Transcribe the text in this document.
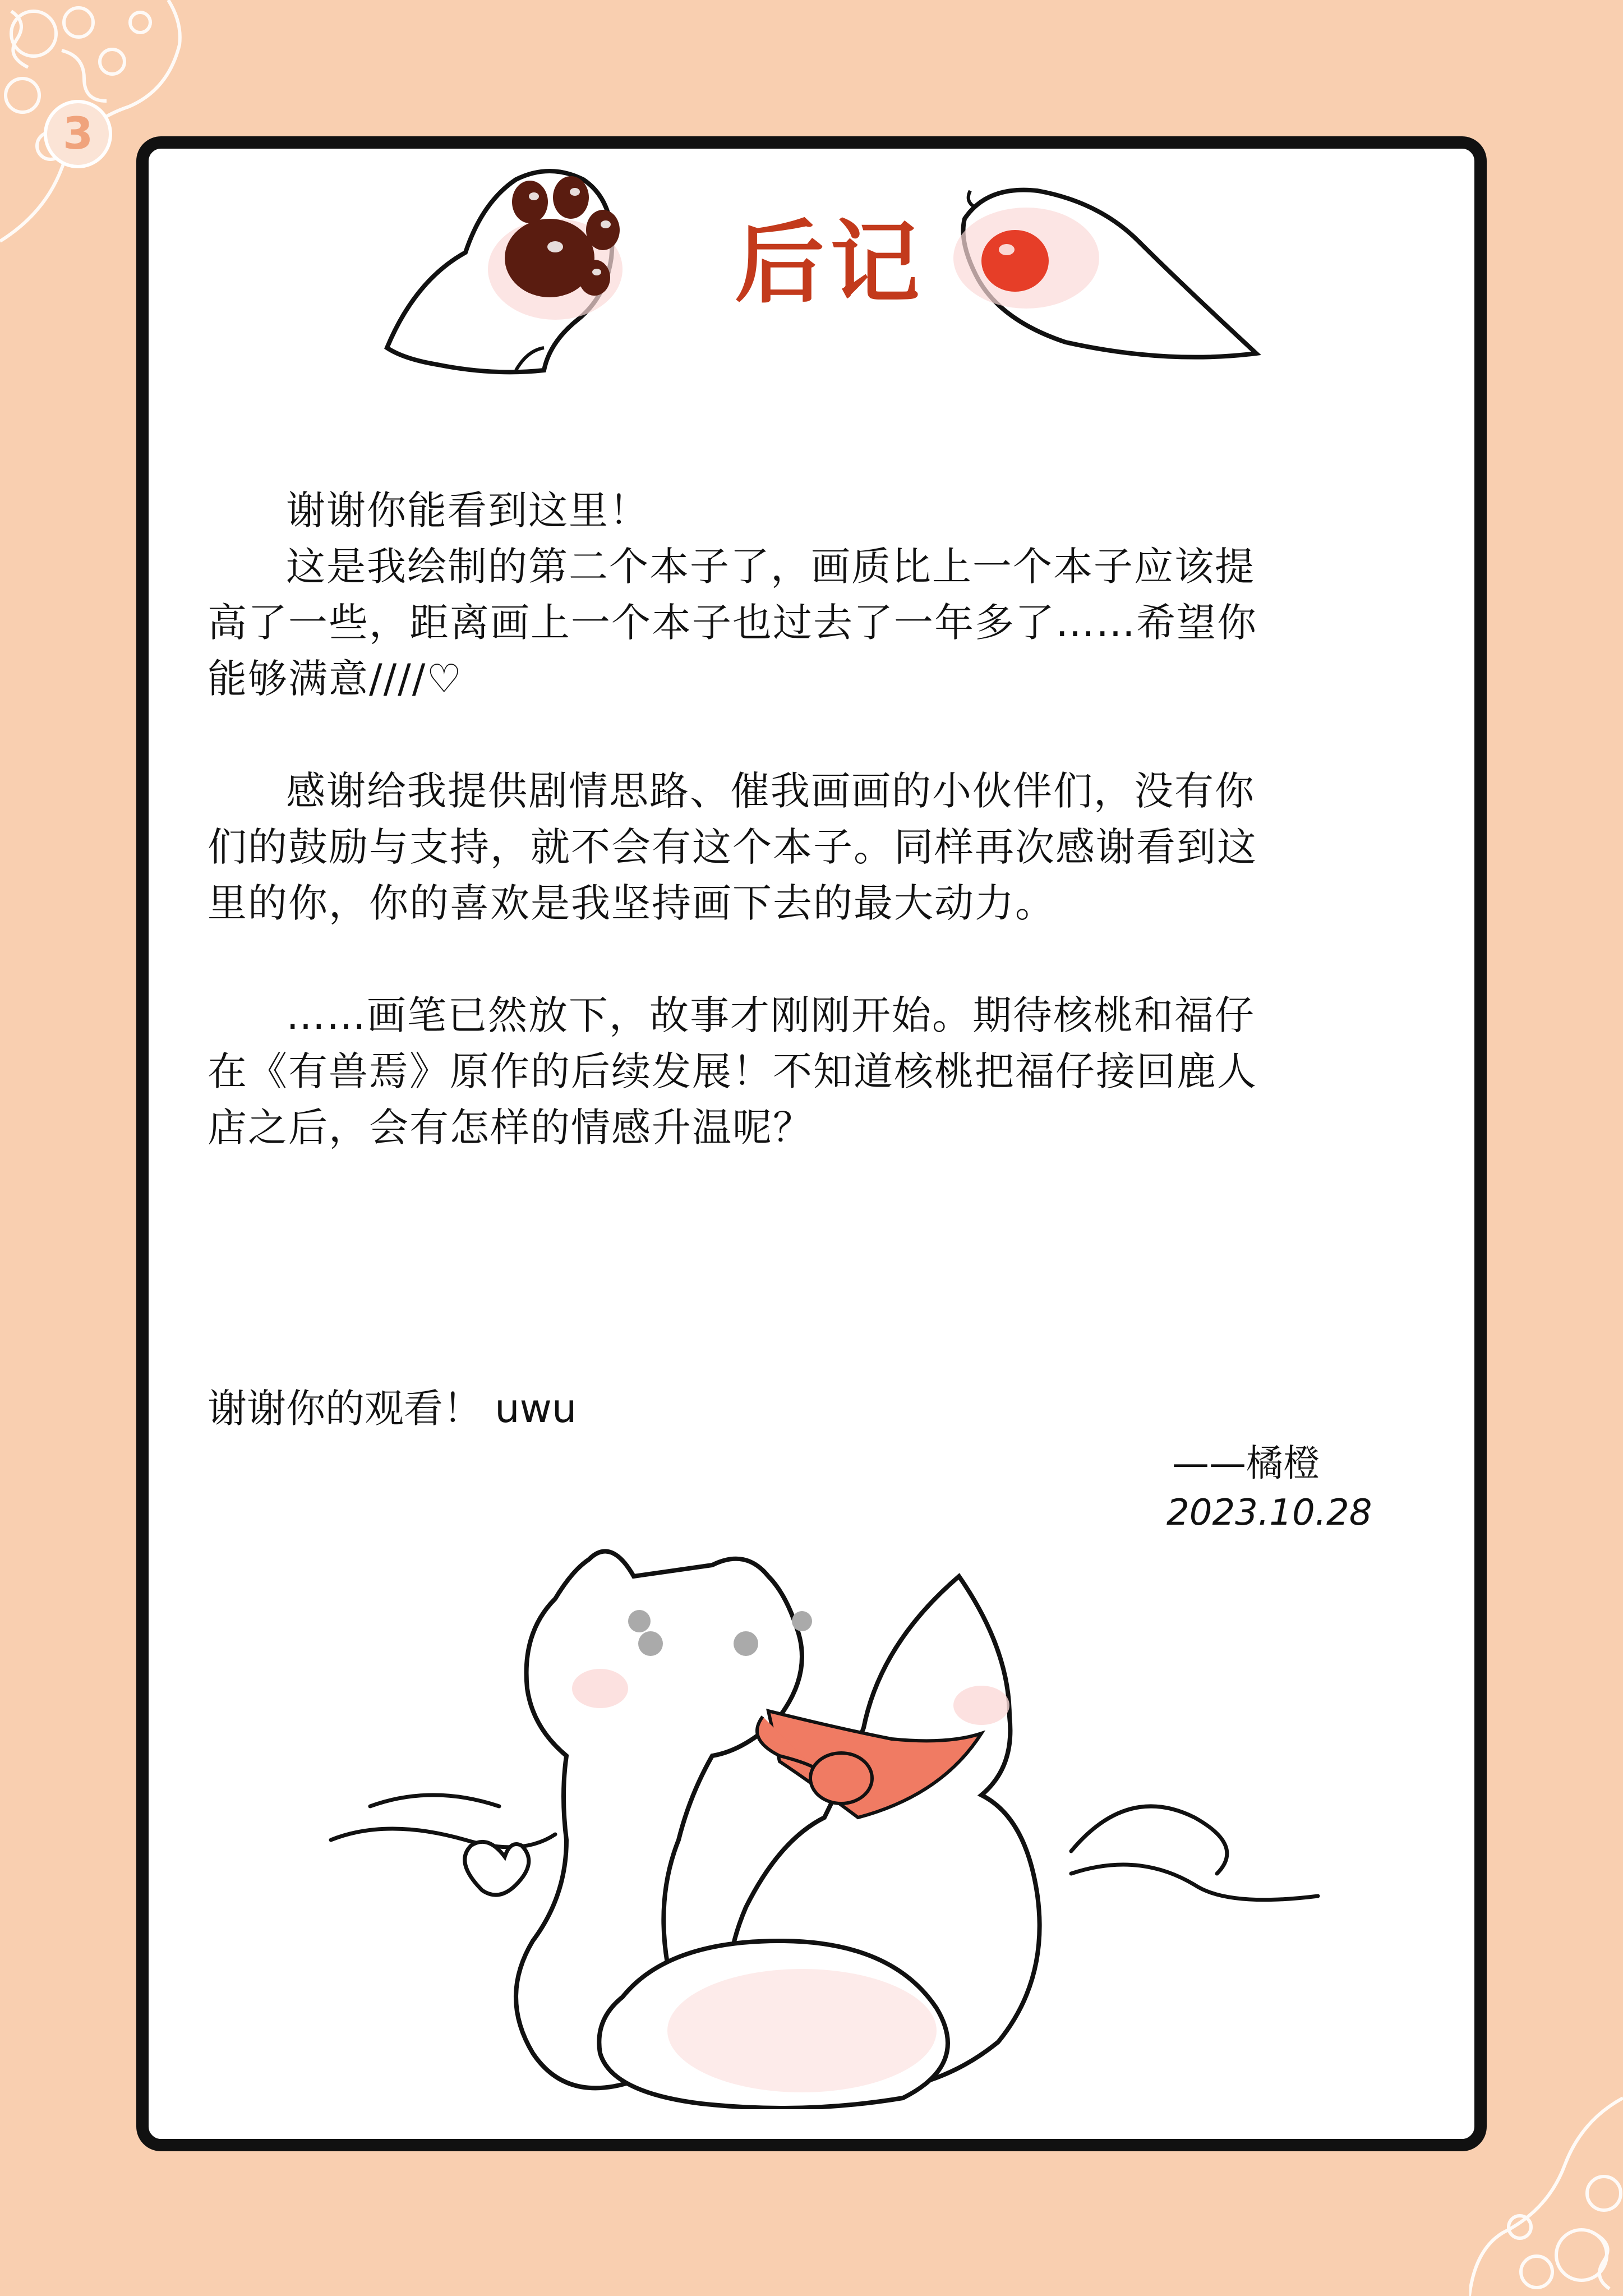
3
后记

谢谢你能看到这里！

这是我绘制的第二个本子了，画质比上一个本子应该提

高了一些，距离画上一个本子也过去了一年多了……希望你

能够满意////♡

感谢给我提供剧情思路、催我画画的小伙伴们，没有你

们的鼓励与支持，就不会有这个本子。同样再次感谢看到这

里的你，你的喜欢是我坚持画下去的最大动力。

……画笔已然放下，故事才刚刚开始。期待核桃和福仔

在《有兽焉》原作的后续发展！不知道核桃把福仔接回鹿人

店之后，会有怎样的情感升温呢？

谢谢你的观看！ uwu
——橘橙
2023.10.28
